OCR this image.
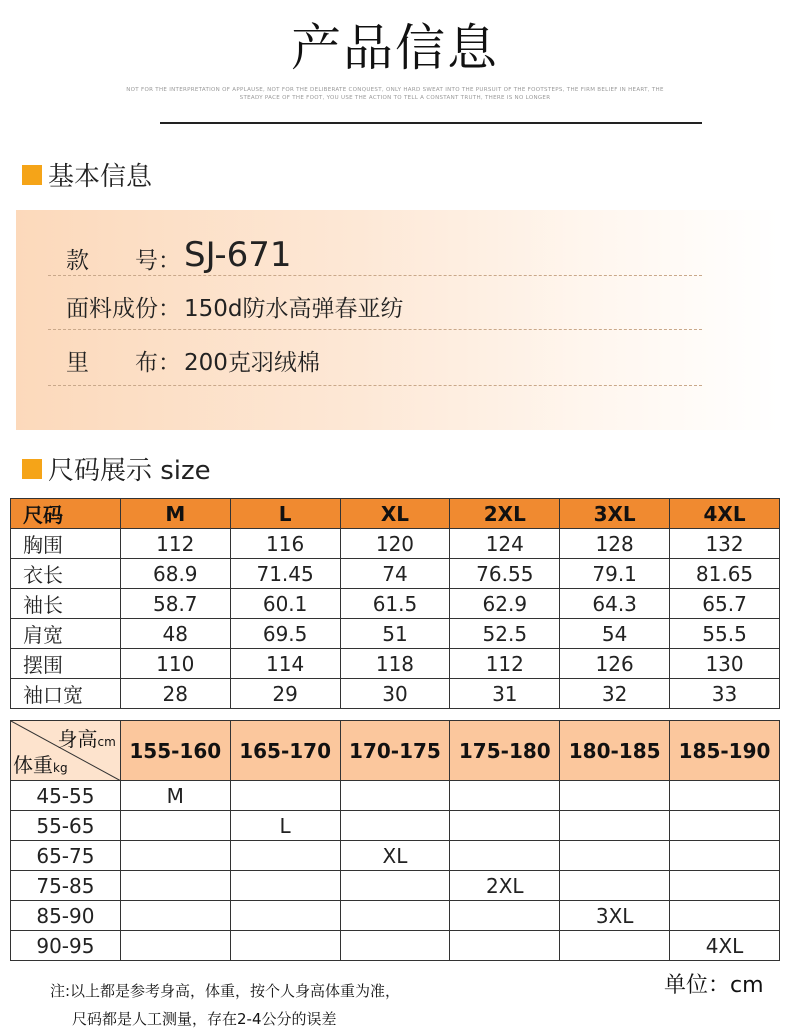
产品信息
NOT FOR THE INTERPRETATION OF APPLAUSE, NOT FOR THE DELIBERATE CONQUEST, ONLY HARD SWEAT INTO THE PURSUIT OF THE FOOTSTEPS, THE FIRM BELIEF IN HEART, THE STEADY PACE OF THE FOOT, YOU USE THE ACTION TO TELL A CONSTANT TRUTH, THERE IS NO LONGER
基本信息
款　　号： SJ-671
面料成份： 150d防水高弹春亚纺
里　　布： 200克羽绒棉
尺码展示 size
尺码	M	L	XL	2XL	3XL	4XL
胸围	112	116	120	124	128	132
衣长	68.9	71.45	74	76.55	79.1	81.65
袖长	58.7	60.1	61.5	62.9	64.3	65.7
肩宽	48	69.5	51	52.5	54	55.5
摆围	110	114	118	112	126	130
袖口宽	28	29	30	31	32	33
身高cm
体重kg	155-160	165-170	170-175	175-180	180-185	185-190
45-55	M					
55-65		L				
65-75			XL			
75-85				2XL		
85-90					3XL	
90-95						4XL
注:以上都是参考身高，体重，按个人身高体重为准，
尺码都是人工测量，存在2-4公分的误差
单位：cm
